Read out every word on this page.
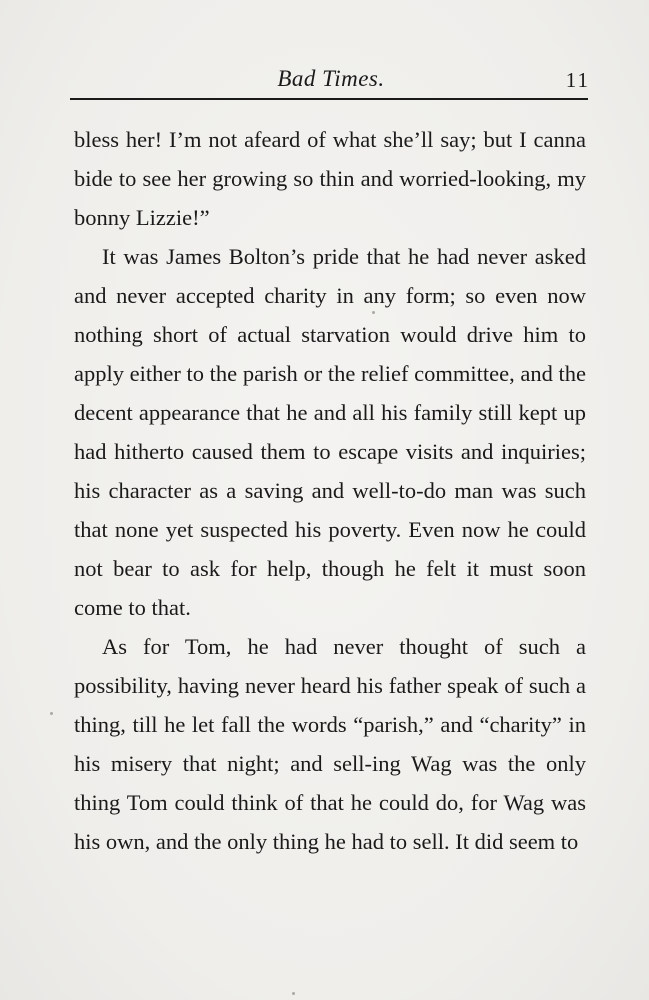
Bad Times.	11

bless her! I’m not afeard of what she’ll say; but I canna bide to see her growing so thin and worried-looking, my bonny Lizzie!”

It was James Bolton’s pride that he had never asked and never accepted charity in any form; so even now nothing short of actual starvation would drive him to apply either to the parish or the relief committee, and the decent appearance that he and all his family still kept up had hitherto caused them to escape visits and inquiries; his character as a saving and well-to-do man was such that none yet suspected his poverty. Even now he could not bear to ask for help, though he felt it must soon come to that.

As for Tom, he had never thought of such a possibility, having never heard his father speak of such a thing, till he let fall the words “parish,” and “charity” in his misery that night; and sell-ing Wag was the only thing Tom could think of that he could do, for Wag was his own, and the only thing he had to sell. It did seem to
